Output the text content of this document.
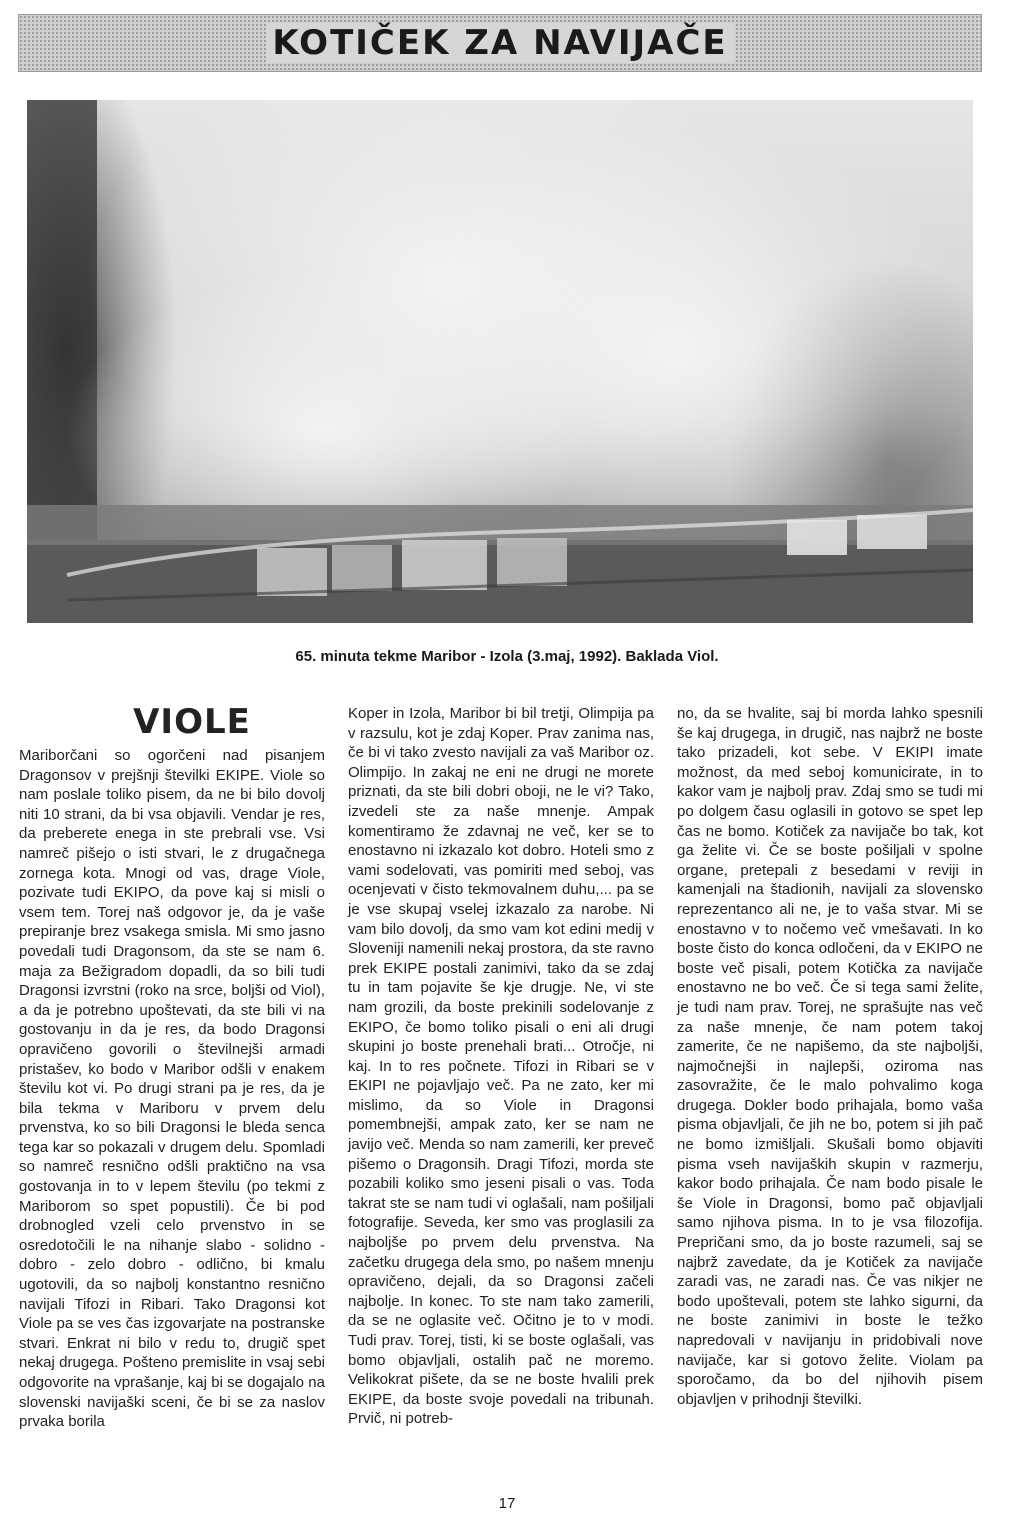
KOTIČEK ZA NAVIJAČE
65. minuta tekme Maribor - Izola (3.maj, 1992). Baklada Viol.
VIOLE

Mariborčani so ogorčeni nad pisanjem Dragonsov v prejšnji številki EKIPE. Viole so nam poslale toliko pisem, da ne bi bilo dovolj niti 10 strani, da bi vsa objavili. Vendar je res, da preberete enega in ste prebrali vse. Vsi namreč pišejo o isti stvari, le z drugačnega zornega kota. Mnogi od vas, drage Viole, pozivate tudi EKIPO, da pove kaj si misli o vsem tem. Torej naš odgovor je, da je vaše prepiranje brez vsakega smisla. Mi smo jasno povedali tudi Dragonsom, da ste se nam 6. maja za Bežigradom dopadli, da so bili tudi Dragonsi izvrstni (roko na srce, boljši od Viol), a da je potrebno upoštevati, da ste bili vi na gostovanju in da je res, da bodo Dragonsi opravičeno govorili o številnejši armadi pristašev, ko bodo v Maribor odšli v enakem številu kot vi. Po drugi strani pa je res, da je bila tekma v Mariboru v prvem delu prvenstva, ko so bili Dragonsi le bleda senca tega kar so pokazali v drugem delu. Spomladi so namreč resnično odšli praktično na vsa gostovanja in to v lepem številu (po tekmi z Mariborom so spet popustili). Če bi pod drobnogled vzeli celo prvenstvo in se osredotočili le na nihanje slabo - solidno - dobro - zelo dobro - odlično, bi kmalu ugotovili, da so najbolj konstantno resnično navijali Tifozi in Ribari. Tako Dragonsi kot Viole pa se ves čas izgovarjate na postranske stvari. Enkrat ni bilo v redu to, drugič spet nekaj drugega. Pošteno premislite in vsaj sebi odgovorite na vprašanje, kaj bi se dogajalo na slovenski navijaški sceni, če bi se za naslov prvaka borila

Koper in Izola, Maribor bi bil tretji, Olimpija pa v razsulu, kot je zdaj Koper. Prav zanima nas, če bi vi tako zvesto navijali za vaš Maribor oz. Olimpijo. In zakaj ne eni ne drugi ne morete priznati, da ste bili dobri oboji, ne le vi? Tako, izvedeli ste za naše mnenje. Ampak komentiramo že zdavnaj ne več, ker se to enostavno ni izkazalo kot dobro. Hoteli smo z vami sodelovati, vas pomiriti med seboj, vas ocenjevati v čisto tekmovalnem duhu,... pa se je vse skupaj vselej izkazalo za narobe. Ni vam bilo dovolj, da smo vam kot edini medij v Sloveniji namenili nekaj prostora, da ste ravno prek EKIPE postali zanimivi, tako da se zdaj tu in tam pojavite še kje drugje. Ne, vi ste nam grozili, da boste prekinili sodelovanje z EKIPO, če bomo toliko pisali o eni ali drugi skupini jo boste prenehali brati... Otročje, ni kaj. In to res počnete. Tifozi in Ribari se v EKIPI ne pojavljajo več. Pa ne zato, ker mi mislimo, da so Viole in Dragonsi pomembnejši, ampak zato, ker se nam ne javijo več. Menda so nam zamerili, ker preveč pišemo o Dragonsih. Dragi Tifozi, morda ste pozabili koliko smo jeseni pisali o vas. Toda takrat ste se nam tudi vi oglašali, nam pošiljali fotografije. Seveda, ker smo vas proglasili za najboljše po prvem delu prvenstva. Na začetku drugega dela smo, po našem mnenju opravičeno, dejali, da so Dragonsi začeli najbolje. In konec. To ste nam tako zamerili, da se ne oglasite več. Očitno je to v modi. Tudi prav. Torej, tisti, ki se boste oglašali, vas bomo objavljali, ostalih pač ne moremo. Velikokrat pišete, da se ne boste hvalili prek EKIPE, da boste svoje povedali na tribunah. Prvič, ni potreb-

no, da se hvalite, saj bi morda lahko spesnili še kaj drugega, in drugič, nas najbrž ne boste tako prizadeli, kot sebe. V EKIPI imate možnost, da med seboj komunicirate, in to kakor vam je najbolj prav. Zdaj smo se tudi mi po dolgem času oglasili in gotovo se spet lep čas ne bomo. Kotiček za navijače bo tak, kot ga želite vi. Če se boste pošiljali v spolne organe, pretepali z besedami v reviji in kamenjali na štadionih, navijali za slovensko reprezentanco ali ne, je to vaša stvar. Mi se enostavno v to nočemo več vmešavati. In ko boste čisto do konca odločeni, da v EKIPO ne boste več pisali, potem Kotička za navijače enostavno ne bo več. Če si tega sami želite, je tudi nam prav. Torej, ne sprašujte nas več za naše mnenje, če nam potem takoj zamerite, če ne napišemo, da ste najboljši, najmočnejši in najlepši, oziroma nas zasovražite, če le malo pohvalimo koga drugega. Dokler bodo prihajala, bomo vaša pisma objavljali, če jih ne bo, potem si jih pač ne bomo izmišljali. Skušali bomo objaviti pisma vseh navijaških skupin v razmerju, kakor bodo prihajala. Če nam bodo pisale le še Viole in Dragonsi, bomo pač objavljali samo njihova pisma. In to je vsa filozofija. Prepričani smo, da jo boste razumeli, saj se najbrž zavedate, da je Kotiček za navijače zaradi vas, ne zaradi nas. Če vas nikjer ne bodo upoštevali, potem ste lahko sigurni, da ne boste zanimivi in boste le težko napredovali v navijanju in pridobivali nove navijače, kar si gotovo želite. Violam pa sporočamo, da bo del njihovih pisem objavljen v prihodnji številki.

17
